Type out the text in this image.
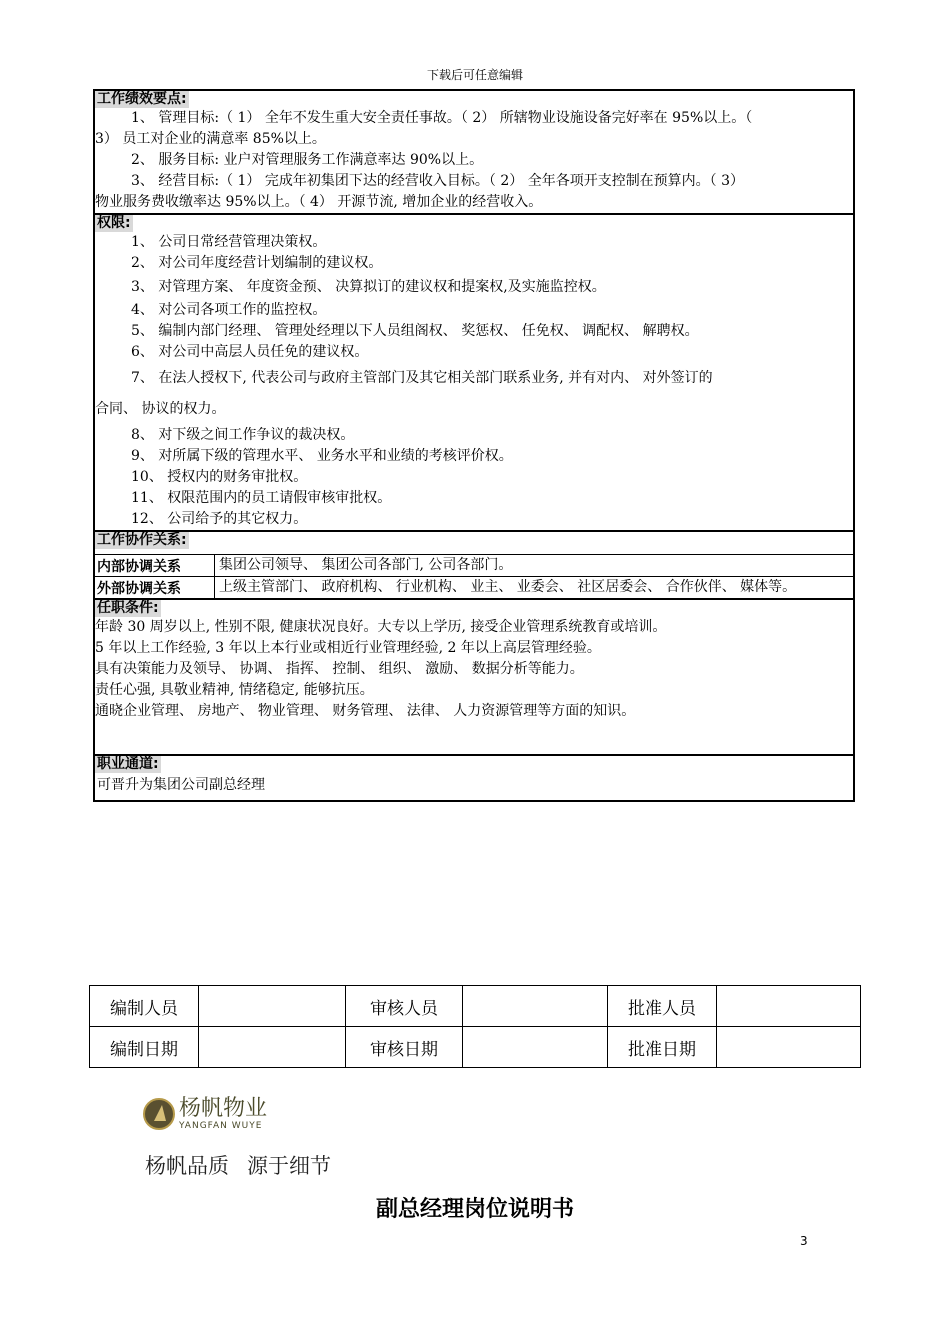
下载后可任意编辑
工作绩效要点:
1、 管理目标:（ 1） 全年不发生重大安全责任事故。（ 2） 所辖物业设施设备完好率在 95%以上。（
3） 员工对企业的满意率 85%以上。
2、 服务目标: 业户对管理服务工作满意率达 90%以上。
3、 经营目标:（ 1） 完成年初集团下达的经营收入目标。（ 2） 全年各项开支控制在预算内。（ 3）
物业服务费收缴率达 95%以上。（ 4） 开源节流, 增加企业的经营收入。
权限:
1、 公司日常经营管理决策权。
2、 对公司年度经营计划编制的建议权。
3、 对管理方案、 年度资金预、 决算拟订的建议权和提案权,及实施监控权。
4、 对公司各项工作的监控权。
5、 编制内部门经理、 管理处经理以下人员组阁权、 奖惩权、 任免权、 调配权、 解聘权。
6、 对公司中高层人员任免的建议权。
7、 在法人授权下, 代表公司与政府主管部门及其它相关部门联系业务, 并有对内、 对外签订的
合同、 协议的权力。
8、 对下级之间工作争议的裁决权。
9、 对所属下级的管理水平、 业务水平和业绩的考核评价权。
10、 授权内的财务审批权。
11、 权限范围内的员工请假审核审批权。
12、 公司给予的其它权力。
工作协作关系:
内部协调关系	集团公司领导、 集团公司各部门, 公司各部门。
外部协调关系	上级主管部门、 政府机构、 行业机构、 业主、 业委会、 社区居委会、 合作伙伴、 媒体等。
任职条件:
年龄 30 周岁以上, 性别不限, 健康状况良好。大专以上学历, 接受企业管理系统教育或培训。
5 年以上工作经验, 3 年以上本行业或相近行业管理经验, 2 年以上高层管理经验。
具有决策能力及领导、 协调、 指挥、 控制、 组织、 激励、 数据分析等能力。
责任心强, 具敬业精神, 情绪稳定, 能够抗压。
通晓企业管理、 房地产、 物业管理、 财务管理、 法律、 人力资源管理等方面的知识。
职业通道:
可晋升为集团公司副总经理
编制人员		审核人员		批准人员	
编制日期		审核日期		批准日期	
杨帆物业
YANGFAN WUYE
杨帆品质 源于细节
副总经理岗位说明书
3
